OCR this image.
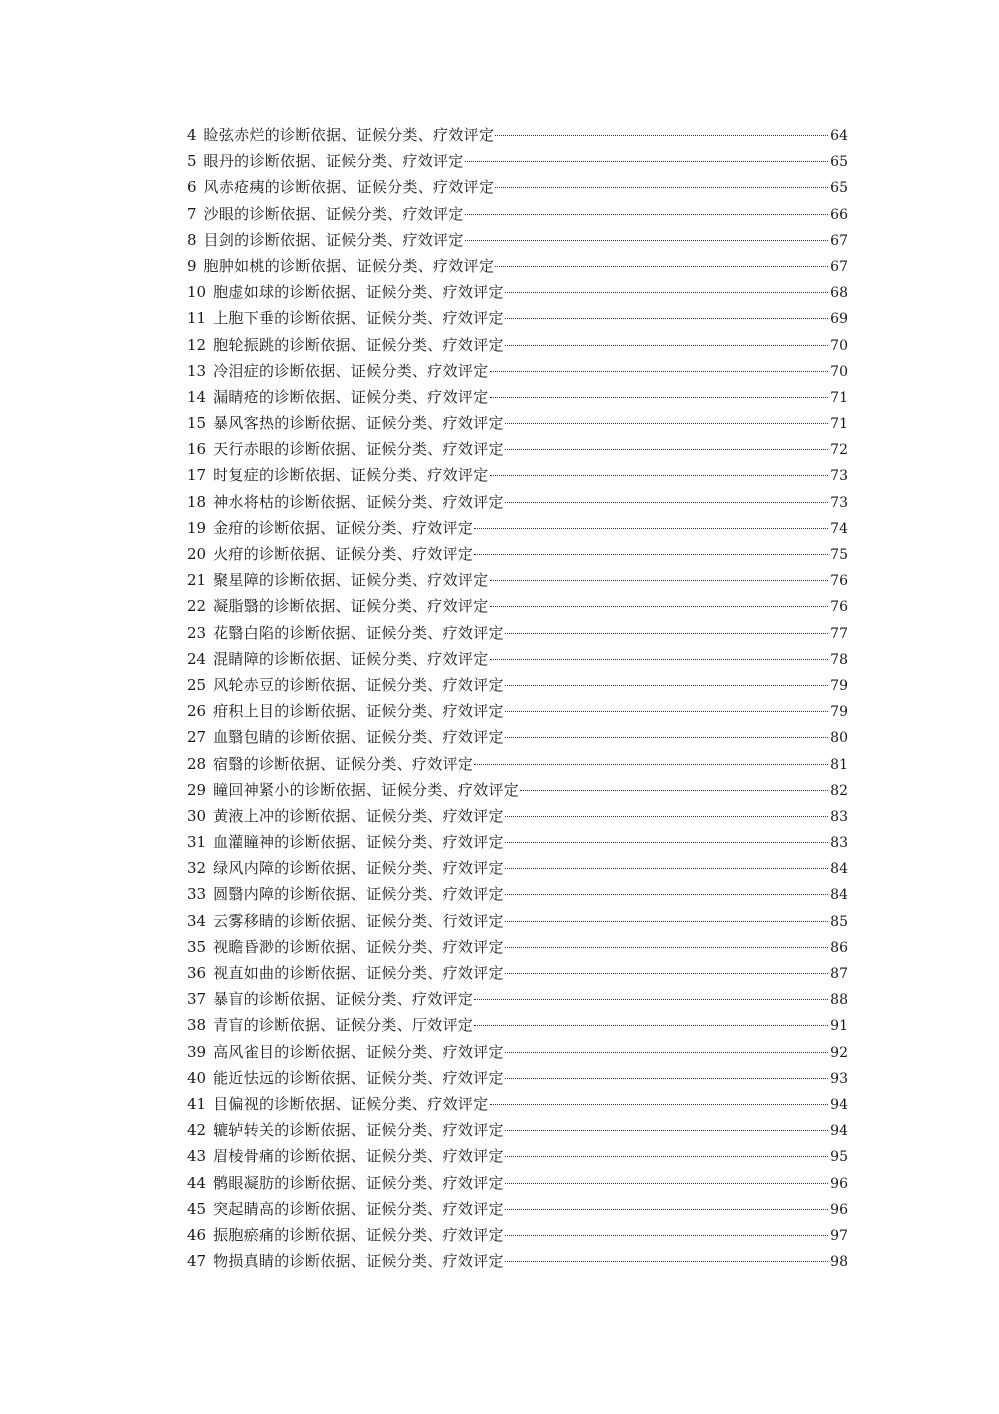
4 睑弦赤烂的诊断依据、证候分类、疗效评定	64
5 眼丹的诊断依据、证候分类、疗效评定	65
6 风赤疮痍的诊断依据、证候分类、疗效评定	65
7 沙眼的诊断依据、证候分类、疗效评定	66
8 目剑的诊断依据、证候分类、疗效评定	67
9 胞肿如桃的诊断依据、证候分类、疗效评定	67
10 胞虚如球的诊断依据、证候分类、疗效评定	68
11 上胞下垂的诊断依据、证候分类、疗效评定	69
12 胞轮振跳的诊断依据、证候分类、疗效评定	70
13 冷泪症的诊断依据、证候分类、疗效评定	70
14 漏睛疮的诊断依据、证候分类、疗效评定	71
15 暴风客热的诊断依据、证候分类、疗效评定	71
16 天行赤眼的诊断依据、证候分类、疗效评定	72
17 时复症的诊断依据、证候分类、疗效评定	73
18 神水将枯的诊断依据、证候分类、疗效评定	73
19 金疳的诊断依据、证候分类、疗效评定	74
20 火疳的诊断依据、证候分类、疗效评定	75
21 聚星障的诊断依据、证候分类、疗效评定	76
22 凝脂翳的诊断依据、证候分类、疗效评定	76
23 花翳白陷的诊断依据、证候分类、疗效评定	77
24 混睛障的诊断依据、证候分类、疗效评定	78
25 风轮赤豆的诊断依据、证候分类、疗效评定	79
26 疳积上目的诊断依据、证候分类、疗效评定	79
27 血翳包睛的诊断依据、证候分类、疗效评定	80
28 宿翳的诊断依据、证候分类、疗效评定	81
29 瞳回神紧小的诊断依据、证候分类、疗效评定	82
30 黄液上冲的诊断依据、证候分类、疗效评定	83
31 血灌瞳神的诊断依据、证候分类、疗效评定	83
32 绿风内障的诊断依据、证候分类、疗效评定	84
33 圆翳内障的诊断依据、证候分类、疗效评定	84
34 云雾移睛的诊断依据、证候分类、行效评定	85
35 视瞻昏渺的诊断依据、证候分类、疗效评定	86
36 视直如曲的诊断依据、证候分类、疗效评定	87
37 暴盲的诊断依据、证候分类、疗效评定	88
38 青盲的诊断依据、证候分类、厅效评定	91
39 高风雀目的诊断依据、证候分类、疗效评定	92
40 能近怯远的诊断依据、证候分类、疗效评定	93
41 目偏视的诊断依据、证候分类、疗效评定	94
42 辘轳转关的诊断依据、证候分类、疗效评定	94
43 眉棱骨痛的诊断依据、证候分类、疗效评定	95
44 鹘眼凝肪的诊断依据、证候分类、疗效评定	96
45 突起睛高的诊断依据、证候分类、疗效评定	96
46 振胞瘀痛的诊断依据、证候分类、疗效评定	97
47 物损真睛的诊断依据、证候分类、疗效评定	98
